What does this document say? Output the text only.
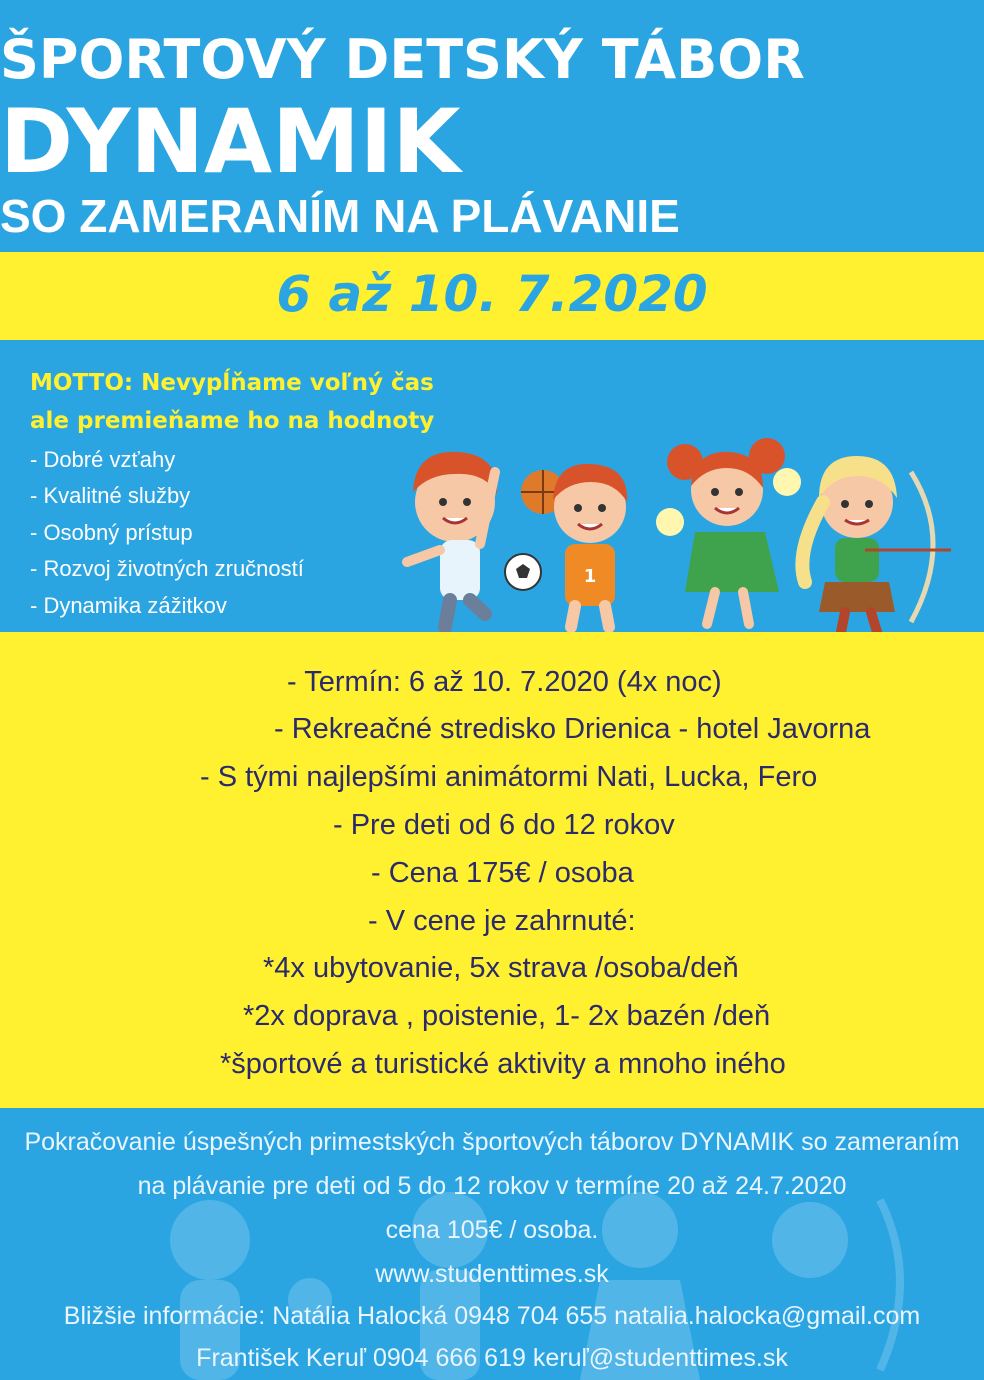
ŠPORTOVÝ DETSKÝ TÁBOR
DYNAMIK
SO ZAMERANÍM NA PLÁVANIE
6 až 10. 7.2020
MOTTO: Nevypĺňame voľný čas
ale premieňame ho na hodnoty
- Dobré vzťahy
- Kvalitné služby
- Osobný prístup
- Rozvoj životných zručností
- Dynamika zážitkov
1
- Termín: 6 až 10. 7.2020 (4x noc)
- Rekreačné stredisko Drienica - hotel Javorna
- S tými najlepšími animátormi Nati, Lucka, Fero
- Pre deti od 6 do 12 rokov
- Cena 175€ / osoba
- V cene je zahrnuté:
*4x ubytovanie, 5x strava /osoba/deň
*2x doprava , poistenie, 1- 2x bazén /deň
*športové a turistické aktivity a mnoho iného
Pokračovanie úspešných primestských športových táborov DYNAMIK so zameraním
na plávanie pre deti od 5 do 12 rokov v termíne 20 až 24.7.2020
cena 105€ / osoba.
www.studenttimes.sk
Bližšie informácie: Natália Halocká 0948 704 655 natalia.halocka@gmail.com
František Keruľ 0904 666 619 keruľ@studenttimes.sk
